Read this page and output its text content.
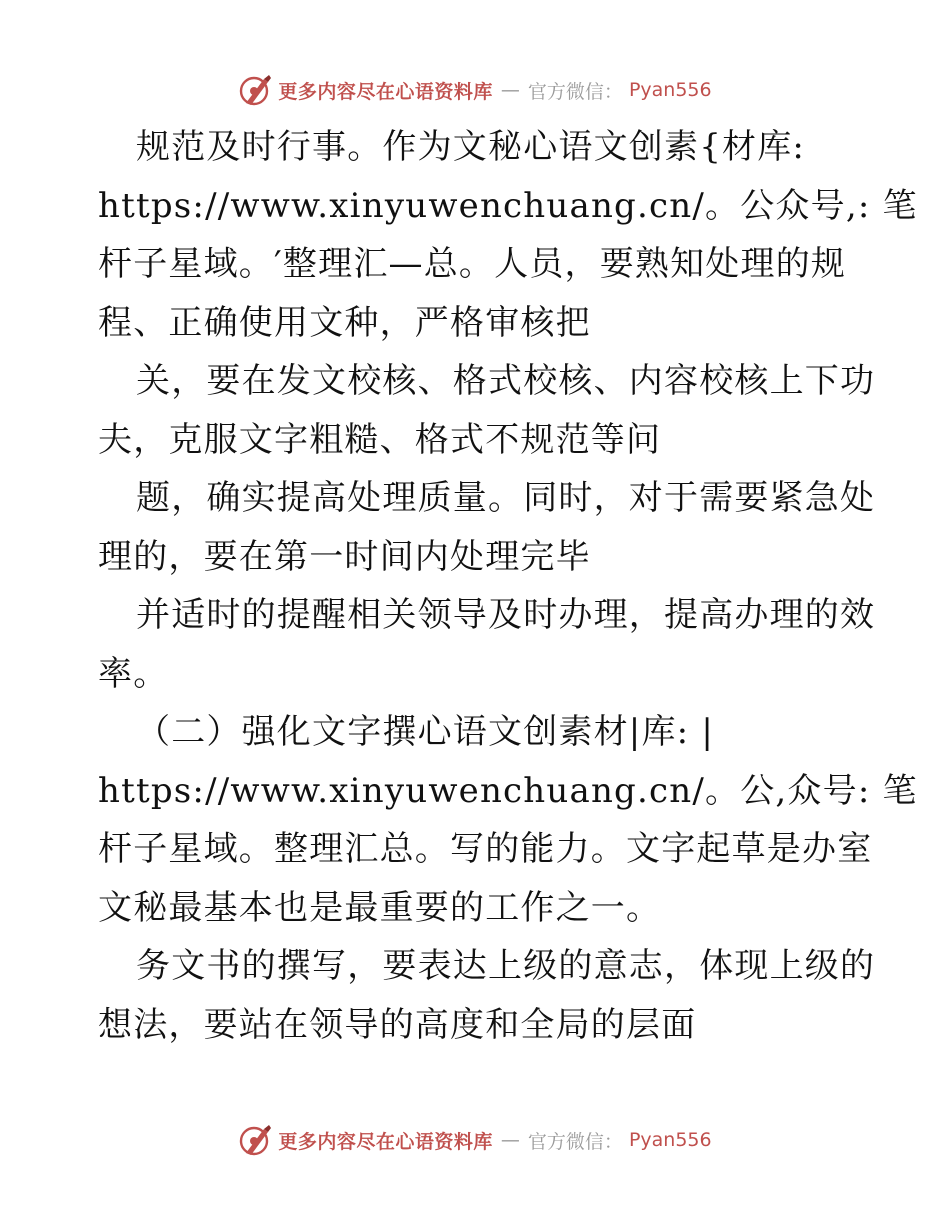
更多内容尽在心语资料库 — 官方微信： Pyan556
规范及时行事。作为文秘心语文创素{材库:
https://www.xinyuwenchuang.cn/。公众号,: 笔
杆子星域。′整理汇—总。人员，要熟知处理的规
程、正确使用文种，严格审核把
关，要在发文校核、格式校核、内容校核上下功
夫，克服文字粗糙、格式不规范等问
题，确实提高处理质量。同时，对于需要紧急处
理的，要在第一时间内处理完毕
并适时的提醒相关领导及时办理，提高办理的效
率。
（二）强化文字撰心语文创素材|库: |
https://www.xinyuwenchuang.cn/。公,众号: 笔
杆子星域。整理汇总。写的能力。文字起草是办室
文秘最基本也是最重要的工作之一。
务文书的撰写，要表达上级的意志，体现上级的
想法，要站在领导的高度和全局的层面
更多内容尽在心语资料库 — 官方微信： Pyan556
